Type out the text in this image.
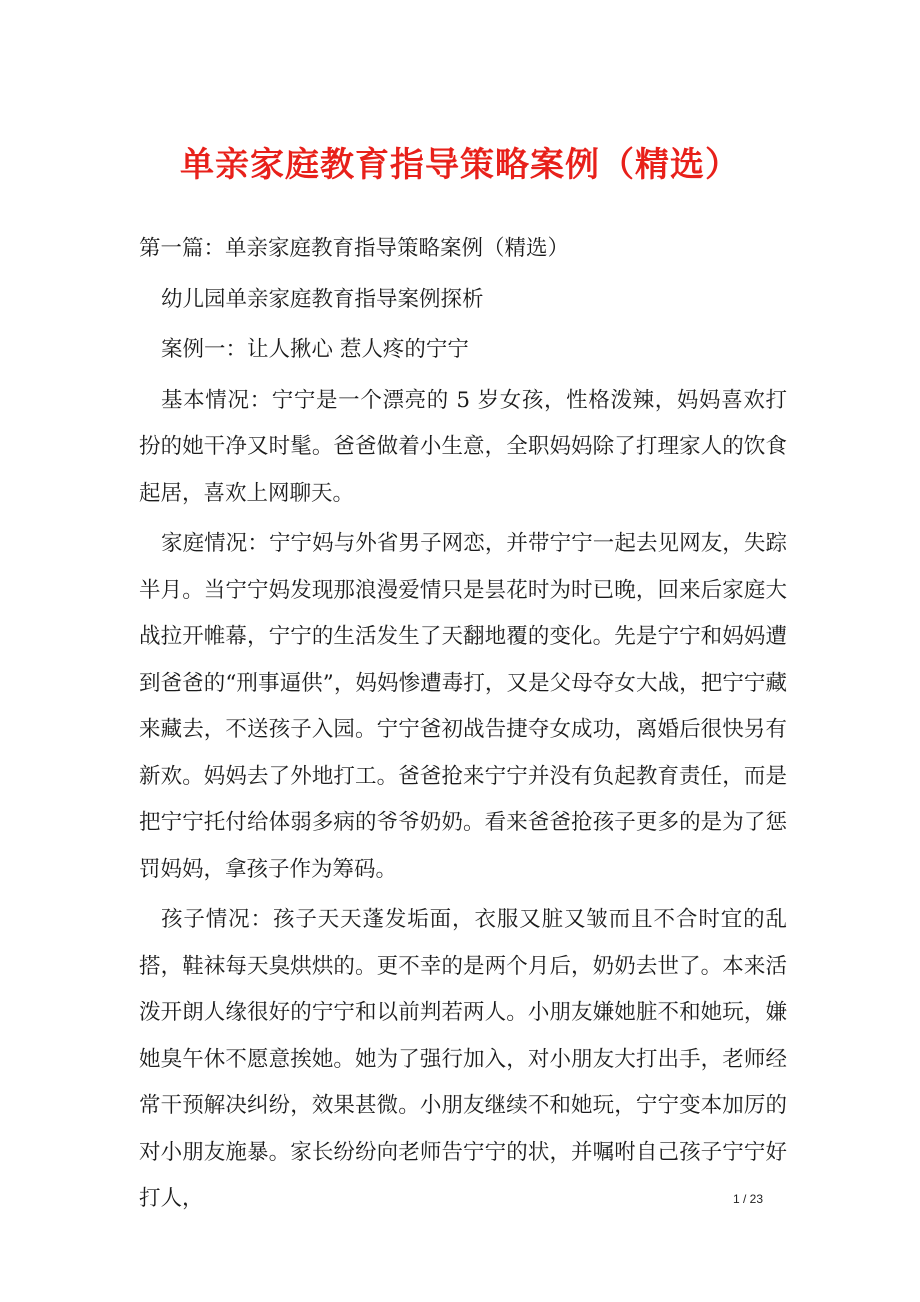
单亲家庭教育指导策略案例（精选）

第一篇：单亲家庭教育指导策略案例（精选）

幼儿园单亲家庭教育指导案例探析

案例一：让人揪心 惹人疼的宁宁

基本情况：宁宁是一个漂亮的 5 岁女孩，性格泼辣，妈妈喜欢打扮的她干净又时髦。爸爸做着小生意，全职妈妈除了打理家人的饮食起居，喜欢上网聊天。

家庭情况：宁宁妈与外省男子网恋，并带宁宁一起去见网友，失踪半月。当宁宁妈发现那浪漫爱情只是昙花时为时已晚，回来后家庭大战拉开帷幕，宁宁的生活发生了天翻地覆的变化。先是宁宁和妈妈遭到爸爸的“刑事逼供”，妈妈惨遭毒打，又是父母夺女大战，把宁宁藏来藏去，不送孩子入园。宁宁爸初战告捷夺女成功，离婚后很快另有新欢。妈妈去了外地打工。爸爸抢来宁宁并没有负起教育责任，而是把宁宁托付给体弱多病的爷爷奶奶。看来爸爸抢孩子更多的是为了惩罚妈妈，拿孩子作为筹码。

孩子情况：孩子天天蓬发垢面，衣服又脏又皱而且不合时宜的乱搭，鞋袜每天臭烘烘的。更不幸的是两个月后，奶奶去世了。本来活泼开朗人缘很好的宁宁和以前判若两人。小朋友嫌她脏不和她玩，嫌她臭午休不愿意挨她。她为了强行加入，对小朋友大打出手，老师经常干预解决纠纷，效果甚微。小朋友继续不和她玩，宁宁变本加厉的对小朋友施暴。家长纷纷向老师告宁宁的状，并嘱咐自己孩子宁宁好打人，	1 / 23
